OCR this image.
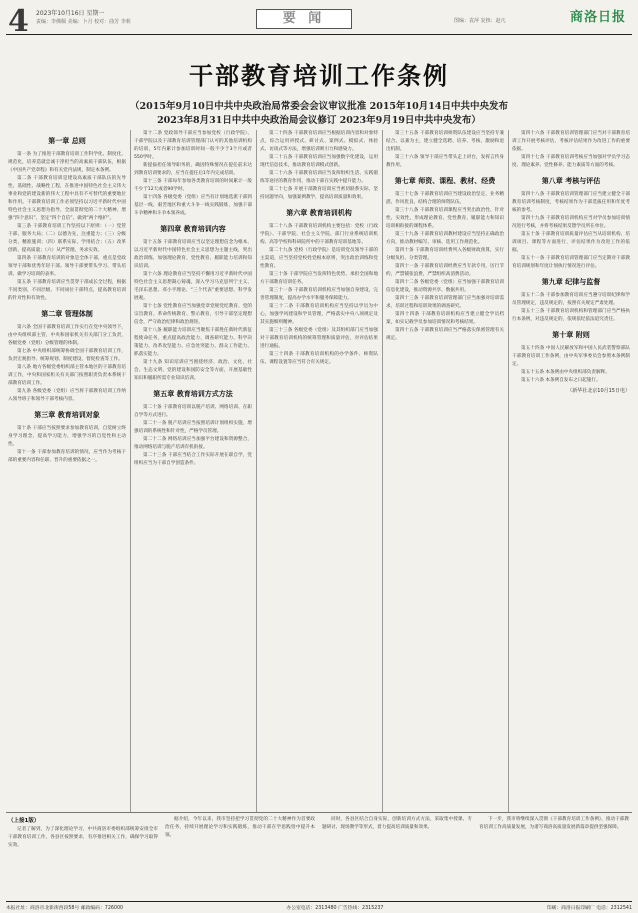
4 2023年10月16日 星期一
责编：李佛佩 美编：卜月 校对：曲芳 李莉	要 闻	图编：袁萍 复核：赵凡	商洛日报
干部教育培训工作条例
（2015年9月10日中共中央政治局常委会会议审议批准 2015年10月14日中共中央发布
2023年8月31日中共中央政治局会议修订 2023年9月19日中共中央发布）
第一章 总则
第一条 为了推进干部教育培训工作科学化、制度化、规范化，培养造就忠诚干净担当的高素质干部队伍，根据《中国共产党章程》和有关党内法规，制定本条例。
第二条 干部教育培训是建设高素质干部队伍的先导性、基础性、战略性工程，在推进中国特色社会主义伟大事业和党的建设新的伟大工程中具有不可替代的重要地位和作用。干部教育培训工作必须坚持以习近平新时代中国特色社会主义思想为指导，全面贯彻党的二十大精神，增强“四个意识”、坚定“四个自信”、做到“两个维护”。
第三条 干部教育培训工作坚持以下原则：（一）党管干部、服务大局；（二）以德为先、注重能力；（三）分级分类、精准施训；（四）联系实际、学用结合；（五）改革创新、提高质量；（六）从严管理、务求实效。
第四条 干部教育培训的对象是全体干部，重点是党政领导干部和优秀年轻干部。领导干部要带头学习、带头培训、做学习培训的表率。
第五条 干部教育培训应当贯穿干部成长全过程，根据不同类别、不同层级、不同岗位干部特点，提高教育培训的针对性和有效性。
第二章 管理体制
第六条 全国干部教育培训工作实行在党中央领导下，由中央组织部主管，中央和国家机关有关部门分工负责，各级党委（党组）分级管理的体制。
第七条 中央组织部统筹协调全国干部教育培训工作，负责宏观指导、统筹规划、制度建设、督促检查等工作。
第八条 地方各级党委组织部主管本地区的干部教育培训工作，中央和国家机关有关部门按照职责负责本系统干部教育培训工作。
第九条 各级党委（党组）应当将干部教育培训工作纳入领导班子和领导干部考核内容。
第三章 教育培训对象
第十条 干部应当按照要求参加教育培训，自觉树立终身学习理念，提高学习能力，增强学习的自觉性和主动性。
第十一条 干部参加教育培训的情况，应当作为考核干部的重要内容和任职、晋升的重要依据之一。
第十二条 党政领导干部应当参加党校（行政学院）、干部学院以及干部教育培训管理部门认可的其他培训机构的培训，5年内累计参加培训时间一般不少于3个月或者550学时。
新提拔担任领导职务的，确因特殊情况在提任前未达到教育培训要求的，应当在提任后1年内完成培训。
第十三条 干部每年参加各类教育培训的时间累计一般不少于12天或者90学时。
第十四条 各级党委（党组）应当有计划地选派干部到基层一线、艰苦地区和重大斗争一线实践锻炼，加强干部斗争精神和斗争本领养成。
第四章 教育培训内容
第十五条 干部教育培训应当以坚定理想信念为根本，以习近平新时代中国特色社会主义思想为主题主线，突出政治训练，加强理论教育、党性教育、履职能力培训和知识培训。
第十六条 理论教育应当坚持不懈用习近平新时代中国特色社会主义思想凝心铸魂，深入学习马克思列宁主义、毛泽东思想、邓小平理论、“三个代表”重要思想、科学发展观。
第十七条 党性教育应当加强党章党规党纪教育、党的宗旨教育、革命传统教育、警示教育，引导干部坚定理想信念，严守政治纪律和政治规矩。
第十八条 履职能力培训应当聚焦干部胜任新时代新征程使命任务，重点提高政治能力、调查研究能力、科学决策能力、改革攻坚能力、应急处突能力、群众工作能力、抓落实能力。
第十九条 知识培训应当围绕经济、政治、文化、社会、生态文明、党的建设和国防安全等方面，开展基础性知识和履职所需专业知识培训。
第五章 教育培训方式方法
第二十条 干部教育培训以脱产培训、网络培训、在职自学等方式进行。
第二十一条 脱产培训应当按照培训计划组织实施，增强培训的系统性和针对性，严格学员管理。
第二十二条 网络培训应当加强平台建设和资源整合，推动网络培训与脱产培训有机衔接。
第二十三条 干部应当结合工作实际开展在职自学，党组织应当为干部自学创造条件。
第二十四条 干部教育培训应当根据培训内容和对象特点，综合运用讲授式、研讨式、案例式、模拟式、体验式、访谈式等方法，增强培训吸引力和感染力。
第二十五条 干部教育培训应当加强数字化建设，运用现代信息技术，推动教育培训模式创新。
第二十六条 干部教育培训应当发挥组织生活、实践锻炼等途径的教育作用，推动干部在实践中提升能力。
第二十七条 开展干部教育培训应当密切联系实际，坚持问题导向，加强案例教学，提高培训质量和效果。
第六章 教育培训机构
第二十八条 干部教育培训机构主要包括：党校（行政学院）、干部学院、社会主义学院、部门行业系统培训机构、高等学校和科研院所中的干部教育培训基地等。
第二十九条 党校（行政学院）是培训党员领导干部的主渠道，应当坚持党校姓党根本原则，突出政治训练和党性教育。
第三十条 干部学院应当发挥特色优势，承担全国和地方干部教育培训任务。
第三十一条 干部教育培训机构应当加强自身建设，完善管理制度，提高办学水平和服务保障能力。
第三十二条 干部教育培训机构应当坚持以学员为中心，加强学风建设和学员管理，严格落实中央八项规定及其实施细则精神。
第三十三条 各级党委（党组）及其组织部门应当加强对干部教育培训机构的统筹管理和质量评估，对评估结果进行通报。
第三十四条 干部教育培训机构的办学条件、师资队伍、课程设置等应当符合有关规定。
第三十五条 干部教育培训师资队伍建设应当坚持专兼结合、以兼为主，建立健全选聘、培养、考核、激励和退出机制。
第三十六条 领导干部应当带头走上讲台，发挥言传身教作用。
第七章 师资、课程、教材、经费
第三十七条 干部教育培训应当建设政治坚定、业务精湛、作风优良、结构合理的师资队伍。
第三十八条 干部教育培训课程应当突出政治性、针对性、实效性，形成理论教育、党性教育、履职能力和知识培训相衔接的课程体系。
第三十九条 干部教育培训教材建设应当坚持正确政治方向，推动教材编写、审核、选用工作规范化。
第四十条 干部教育培训经费列入各级财政预算，实行分级负担、分类管理。
第四十一条 干部教育培训经费应当专款专用，厉行节约，严禁铺张浪费，严禁组织高消费活动。
第四十二条 各级党委（党组）应当加强干部教育培训信息化建设，推动资源共享、数据共用。
第四十三条 干部教育培训管理部门应当加强对培训需求、培训过程和培训效果的调查研究。
第四十四条 干部教育培训机构应当建立健全学员档案，如实记载学员参加培训情况和考核结果。
第四十五条 干部教育培训应当严格落实保密管理有关规定。
第四十六条 干部教育培训管理部门应当对干部教育培训工作开展考核评估，考核评估结果作为改进工作的重要依据。
第四十七条 干部教育培训考核应当加强对学员学习态度、理论素养、党性修养、能力素质等方面的考核。
第八章 考核与评估
第四十八条 干部教育培训管理部门应当建立健全干部教育培训考核制度，考核结果作为干部选拔任用和年度考核的参考。
第四十九条 干部教育培训机构应当对学员参加培训情况进行考核，并将考核结果反馈学员所在单位。
第五十条 干部教育培训质量评估应当从培训机构、培训项目、课程等方面进行，评估结果作为改进工作的依据。
第五十一条 干部教育培训管理部门应当定期对干部教育培训规划和年度计划执行情况进行评估。
第九章 纪律与监督
第五十二条 干部参加教育培训应当遵守培训纪律和学员管理规定，违反规定的，按照有关规定严肃处理。
第五十三条 干部教育培训机构和管理部门应当严格执行本条例，对违反规定的，依规依纪依法追究责任。
第十章 附则
第五十四条 中国人民解放军和中国人民武装警察部队干部教育培训工作条例，由中央军事委员会参照本条例制定。
第五十五条 本条例由中央组织部负责解释。
第五十六条 本条例自发布之日起施行。
（新华社北京10月15日电）
（上接1版）
记者了解到，为了深化理论学习，中共商洛市委组织部统筹安排全市干部教育培训工作，各县区按照要求，有序推进相关工作，确保学习取得实效。
据介绍，今年以来，我市坚持把学习贯彻党的二十大精神作为首要政治任务，持续开展理论学习和实践锻炼，推动干部在学思践悟中提升本领。
同时，各县区结合自身实际，创新培训方式方法，采取集中授课、专题研讨、现场教学等形式，着力提高培训质量和效果。
下一步，我市将继续深入贯彻《干部教育培训工作条例》，推动干部教育培训工作高质量发展，为谱写商洛高质量发展新篇章提供坚强保障。
本报社址：商洛市北新街西段58号 邮政编码：726000	办公室电话：2313480 广告热线：2315237	印刷：商洛日报印刷厂 电话：2312541
